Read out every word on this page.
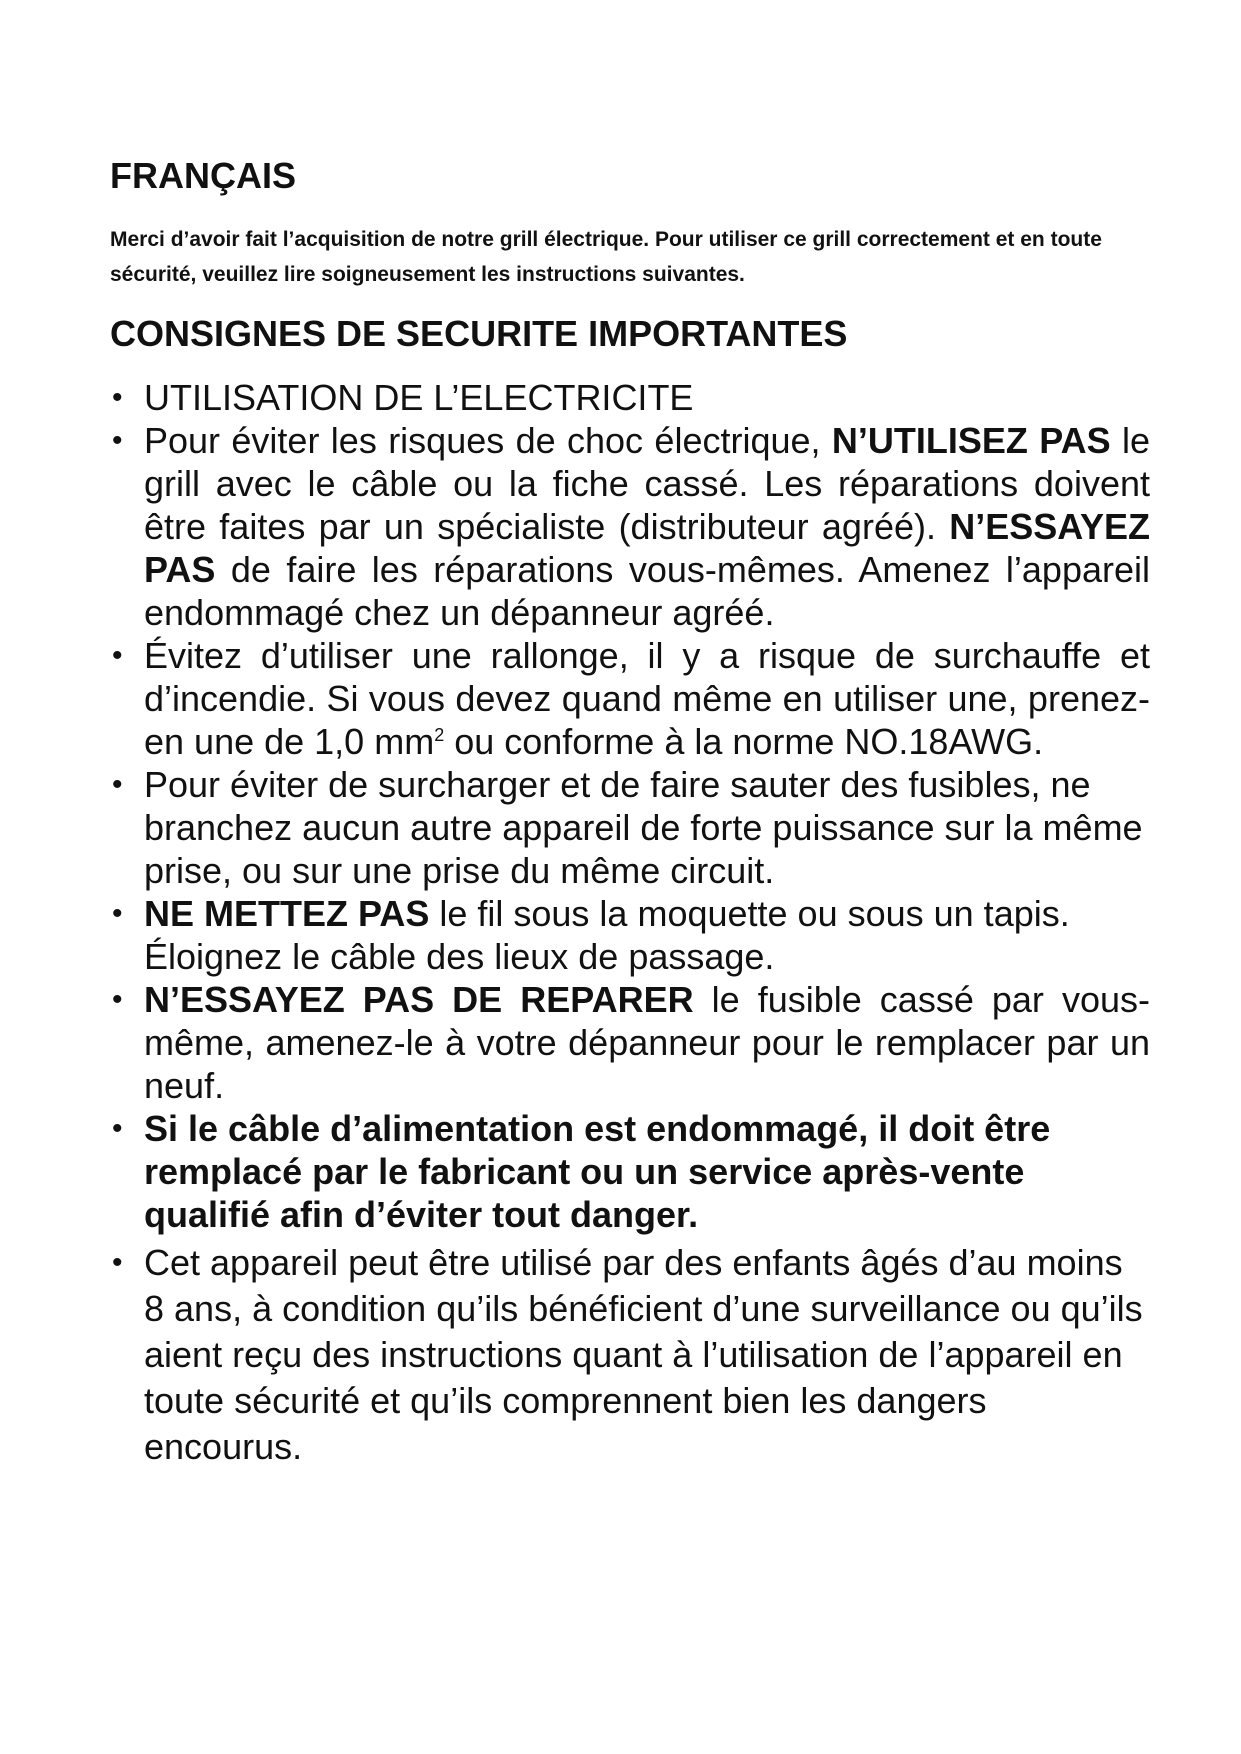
FRANÇAIS

Merci d’avoir fait l’acquisition de notre grill électrique. Pour utiliser ce grill correctement et en toute sécurité, veuillez lire soigneusement les instructions suivantes.

CONSIGNES DE SECURITE IMPORTANTES
• UTILISATION DE L’ELECTRICITE
• Pour éviter les risques de choc électrique, N’UTILISEZ PAS le grill avec le câble ou la fiche cassé. Les réparations doivent être faites par un spécialiste (distributeur agréé). N’ESSAYEZ PAS de faire les réparations vous-mêmes. Amenez l’appareil endommagé chez un dépanneur agréé.
• Évitez d’utiliser une rallonge, il y a risque de surchauffe et d’incendie. Si vous devez quand même en utiliser une, prenez-en une de 1,0 $mm^2$ ou conforme à la norme NO.18AWG.
• Pour éviter de surcharger et de faire sauter des fusibles, ne branchez aucun autre appareil de forte puissance sur la même prise, ou sur une prise du même circuit.
• NE METTEZ PAS le fil sous la moquette ou sous un tapis. Éloignez le câble des lieux de passage.
• N’ESSAYEZ PAS DE REPARER le fusible cassé par vous-même, amenez-le à votre dépanneur pour le remplacer par un neuf.
• Si le câble d’alimentation est endommagé, il doit être remplacé par le fabricant ou un service après-vente qualifié afin d’éviter tout danger.
• Cet appareil peut être utilisé par des enfants âgés d’au moins 8 ans, à condition qu’ils bénéficient d’une surveillance ou qu’ils aient reçu des instructions quant à l’utilisation de l’appareil en toute sécurité et qu’ils comprennent bien les dangers encourus.
